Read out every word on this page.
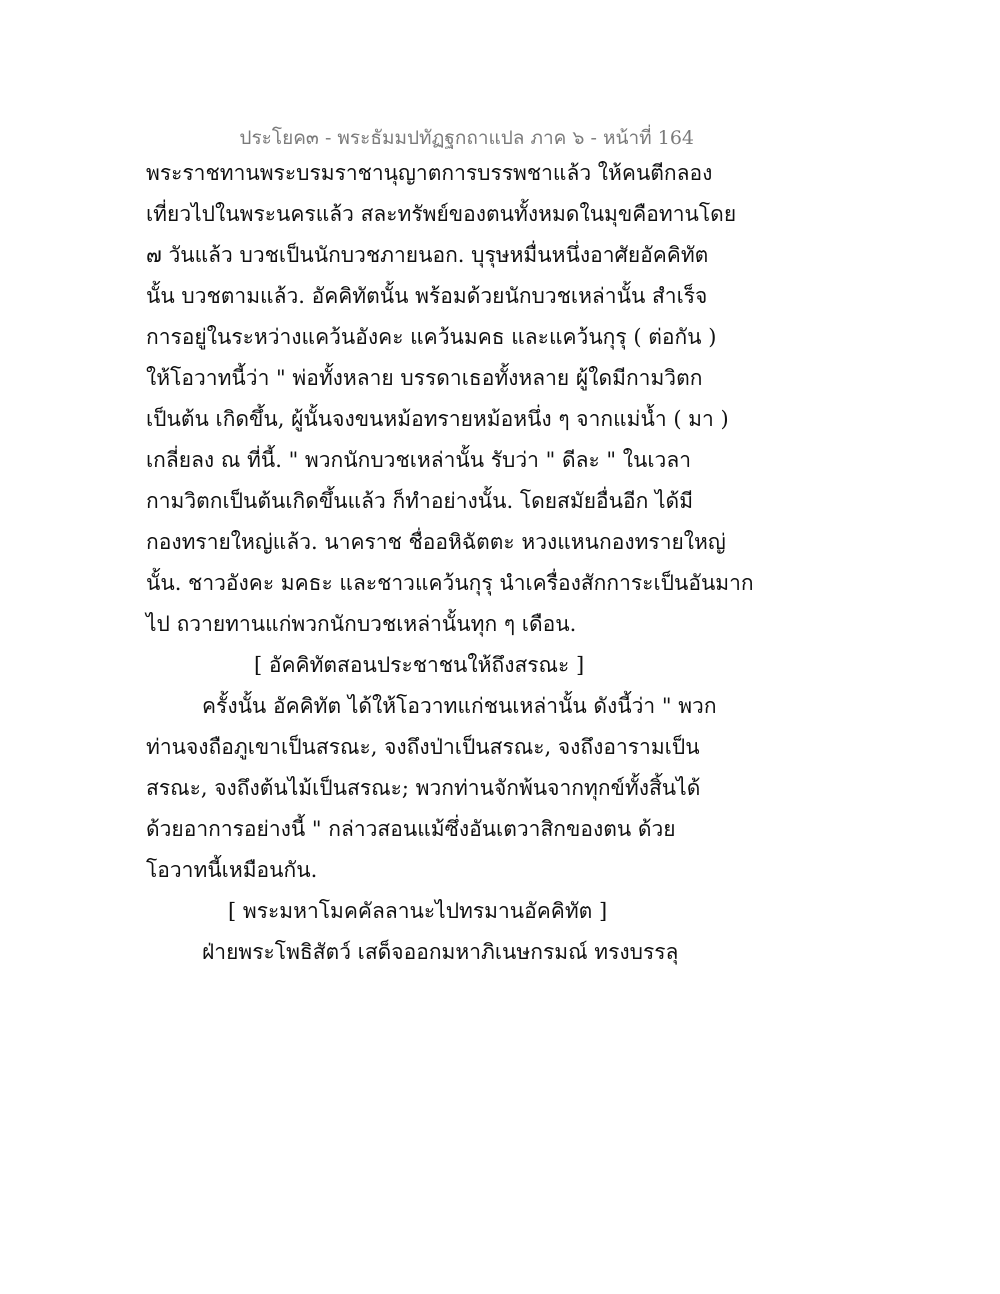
ประโยค๓ - พระธัมมปทัฏฐกถาแปล ภาค ๖ - หน้าที่ 164
พระราชทานพระบรมราชานุญาตการบรรพชาแล้ว ให้คนตีกลอง
เที่ยวไปในพระนครแล้ว สละทรัพย์ของตนทั้งหมดในมุขคือทานโดย
๗ วันแล้ว บวชเป็นนักบวชภายนอก. บุรุษหมื่นหนึ่งอาศัยอัคคิทัต
นั้น บวชตามแล้ว. อัคคิทัตนั้น พร้อมด้วยนักบวชเหล่านั้น สำเร็จ
การอยู่ในระหว่างแคว้นอังคะ แคว้นมคธ และแคว้นกุรุ ( ต่อกัน )
ให้โอวาทนี้ว่า " พ่อทั้งหลาย บรรดาเธอทั้งหลาย ผู้ใดมีกามวิตก
เป็นต้น เกิดขึ้น, ผู้นั้นจงขนหม้อทรายหม้อหนึ่ง ๆ จากแม่น้ำ ( มา )
เกลี่ยลง ณ ที่นี้. " พวกนักบวชเหล่านั้น รับว่า " ดีละ " ในเวลา
กามวิตกเป็นต้นเกิดขึ้นแล้ว ก็ทำอย่างนั้น. โดยสมัยอื่นอีก ได้มี
กองทรายใหญ่แล้ว. นาคราช ชื่ออหิฉัตตะ หวงแหนกองทรายใหญ่
นั้น. ชาวอังคะ มคธะ และชาวแคว้นกุรุ นำเครื่องสักการะเป็นอันมาก
ไป ถวายทานแก่พวกนักบวชเหล่านั้นทุก ๆ เดือน.
[ อัคคิทัตสอนประชาชนให้ถึงสรณะ ]
ครั้งนั้น อัคคิทัต ได้ให้โอวาทแก่ชนเหล่านั้น ดังนี้ว่า " พวก
ท่านจงถือภูเขาเป็นสรณะ, จงถึงป่าเป็นสรณะ, จงถึงอารามเป็น
สรณะ, จงถึงต้นไม้เป็นสรณะ; พวกท่านจักพ้นจากทุกข์ทั้งสิ้นได้
ด้วยอาการอย่างนี้ " กล่าวสอนแม้ซึ่งอันเตวาสิกของตน ด้วย
โอวาทนี้เหมือนกัน.
[ พระมหาโมคคัลลานะไปทรมานอัคคิทัต ]
ฝ่ายพระโพธิสัตว์ เสด็จออกมหาภิเนษกรมณ์ ทรงบรรลุ
